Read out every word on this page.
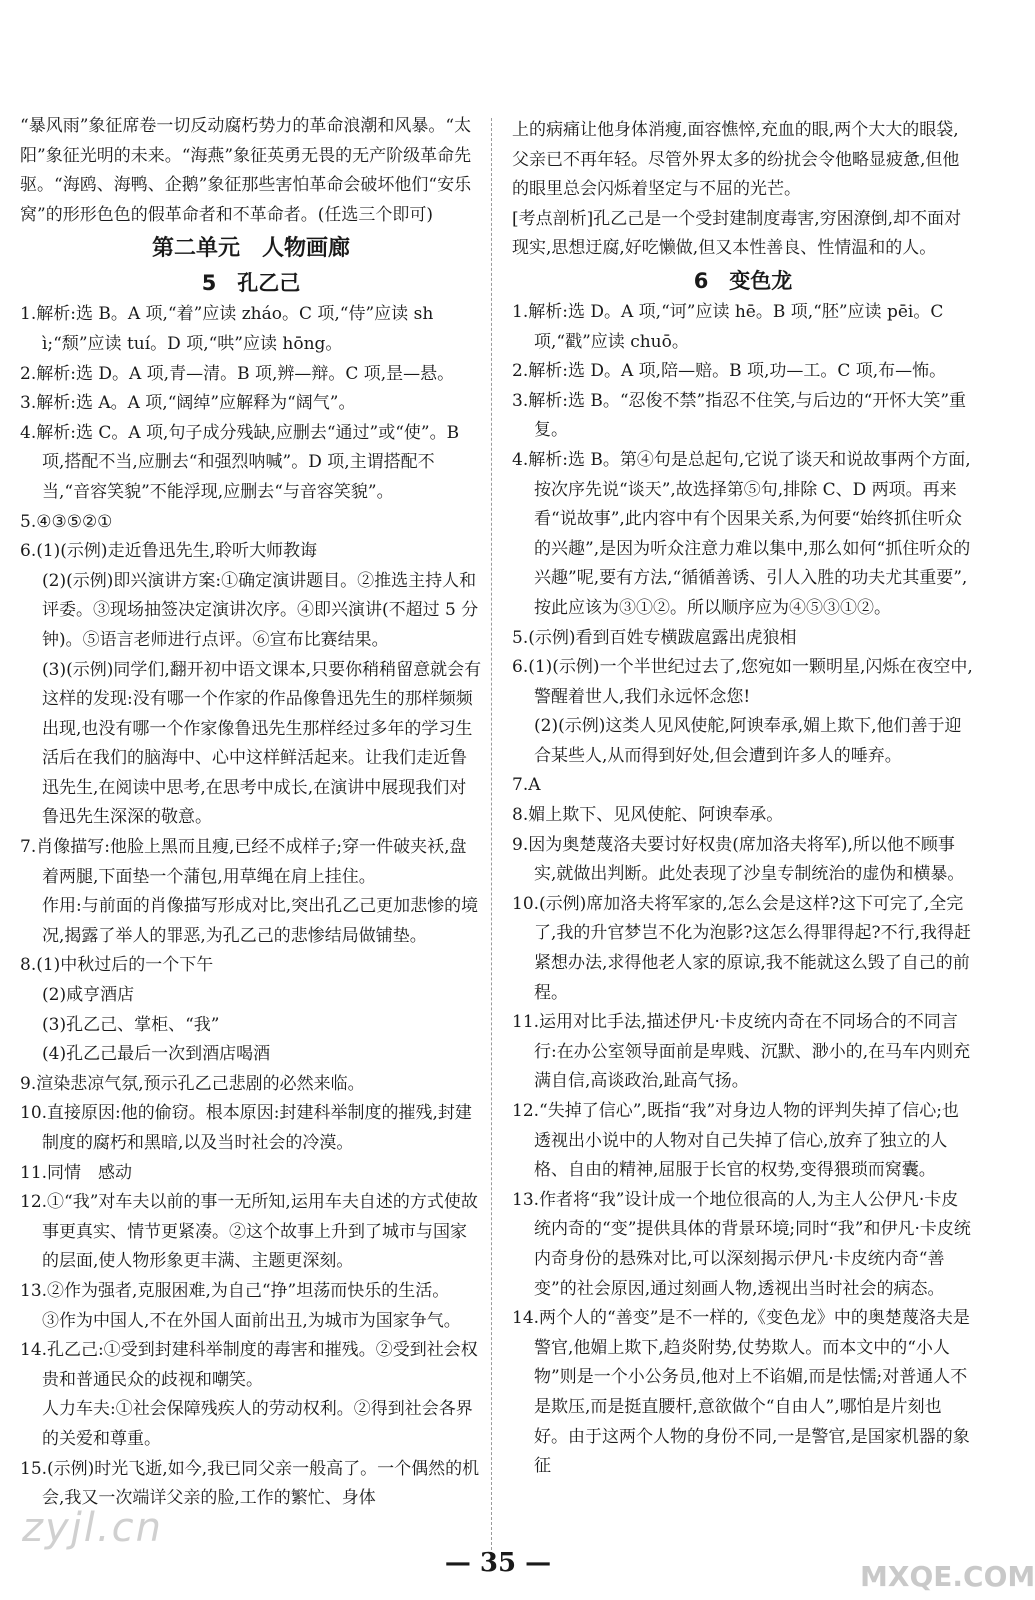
“暴风雨”象征席卷一切反动腐朽势力的革命浪潮和风暴。“太阳”象征光明的未来。“海燕”象征英勇无畏的无产阶级革命先驱。“海鸥、海鸭、企鹅”象征那些害怕革命会破坏他们“安乐窝”的形形色色的假革命者和不革命者。(任选三个即可)

第二单元　人物画廊

5　孔乙己

1.解析:选 B。A 项,“着”应读 zháo。C 项,“侍”应读 shì;“颓”应读 tuí。D 项,“哄”应读 hōng。

2.解析:选 D。A 项,青—清。B 项,辨—辩。C 项,昰—悬。

3.解析:选 A。A 项,“阔绰”应解释为“阔气”。

4.解析:选 C。A 项,句子成分残缺,应删去“通过”或“使”。B 项,搭配不当,应删去“和强烈呐喊”。D 项,主谓搭配不当,“音容笑貌”不能浮现,应删去“与音容笑貌”。

5.④③⑤②①

6.(1)(示例)走近鲁迅先生,聆听大师教诲

(2)(示例)即兴演讲方案:①确定演讲题目。②推选主持人和评委。③现场抽签决定演讲次序。④即兴演讲(不超过 5 分钟)。⑤语言老师进行点评。⑥宣布比赛结果。

(3)(示例)同学们,翻开初中语文课本,只要你稍稍留意就会有这样的发现:没有哪一个作家的作品像鲁迅先生的那样频频出现,也没有哪一个作家像鲁迅先生那样经过多年的学习生活后在我们的脑海中、心中这样鲜活起来。让我们走近鲁迅先生,在阅读中思考,在思考中成长,在演讲中展现我们对鲁迅先生深深的敬意。

7.肖像描写:他脸上黑而且瘦,已经不成样子;穿一件破夹袄,盘着两腿,下面垫一个蒲包,用草绳在肩上挂住。

作用:与前面的肖像描写形成对比,突出孔乙己更加悲惨的境况,揭露了举人的罪恶,为孔乙己的悲惨结局做铺垫。

8.(1)中秋过后的一个下午

(2)咸亨酒店

(3)孔乙己、掌柜、“我”

(4)孔乙己最后一次到酒店喝酒

9.渲染悲凉气氛,预示孔乙己悲剧的必然来临。

10.直接原因:他的偷窃。根本原因:封建科举制度的摧残,封建制度的腐朽和黑暗,以及当时社会的冷漠。

11.同情　感动

12.①“我”对车夫以前的事一无所知,运用车夫自述的方式使故事更真实、情节更紧凑。②这个故事上升到了城市与国家的层面,使人物形象更丰满、主题更深刻。

13.②作为强者,克服困难,为自己“挣”坦荡而快乐的生活。

③作为中国人,不在外国人面前出丑,为城市为国家争气。

14.孔乙己:①受到封建科举制度的毒害和摧残。②受到社会权贵和普通民众的歧视和嘲笑。

人力车夫:①社会保障残疾人的劳动权利。②得到社会各界的关爱和尊重。

15.(示例)时光飞逝,如今,我已同父亲一般高了。一个偶然的机会,我又一次端详父亲的脸,工作的繁忙、身体

上的病痛让他身体消瘦,面容憔悴,充血的眼,两个大大的眼袋,父亲已不再年轻。尽管外界太多的纷扰会令他略显疲惫,但他的眼里总会闪烁着坚定与不屈的光芒。

[考点剖析]孔乙己是一个受封建制度毒害,穷困潦倒,却不面对现实,思想迂腐,好吃懒做,但又本性善良、性情温和的人。

6　变色龙

1.解析:选 D。A 项,“诃”应读 hē。B 项,“胚”应读 pēi。C 项,“戳”应读 chuō。

2.解析:选 D。A 项,陪—赔。B 项,功—工。C 项,布—怖。

3.解析:选 B。“忍俊不禁”指忍不住笑,与后边的“开怀大笑”重复。

4.解析:选 B。第④句是总起句,它说了谈天和说故事两个方面,按次序先说“谈天”,故选择第⑤句,排除 C、D 两项。再来看“说故事”,此内容中有个因果关系,为何要“始终抓住听众的兴趣”,是因为听众注意力难以集中,那么如何“抓住听众的兴趣”呢,要有方法,“循循善诱、引人入胜的功夫尤其重要”,按此应该为③①②。所以顺序应为④⑤③①②。

5.(示例)看到百姓专横跋扈露出虎狼相

6.(1)(示例)一个半世纪过去了,您宛如一颗明星,闪烁在夜空中,警醒着世人,我们永远怀念您!

(2)(示例)这类人见风使舵,阿谀奉承,媚上欺下,他们善于迎合某些人,从而得到好处,但会遭到许多人的唾弃。

7.A

8.媚上欺下、见风使舵、阿谀奉承。

9.因为奥楚蔑洛夫要讨好权贵(席加洛夫将军),所以他不顾事实,就做出判断。此处表现了沙皇专制统治的虚伪和横暴。

10.(示例)席加洛夫将军家的,怎么会是这样?这下可完了,全完了,我的升官梦岂不化为泡影?这怎么得罪得起?不行,我得赶紧想办法,求得他老人家的原谅,我不能就这么毁了自己的前程。

11.运用对比手法,描述伊凡·卡皮统内奇在不同场合的不同言行:在办公室领导面前是卑贱、沉默、渺小的,在马车内则充满自信,高谈政治,趾高气扬。

12.“失掉了信心”,既指“我”对身边人物的评判失掉了信心;也透视出小说中的人物对自己失掉了信心,放弃了独立的人格、自由的精神,屈服于长官的权势,变得猥琐而窝囊。

13.作者将“我”设计成一个地位很高的人,为主人公伊凡·卡皮统内奇的“变”提供具体的背景环境;同时“我”和伊凡·卡皮统内奇身份的悬殊对比,可以深刻揭示伊凡·卡皮统内奇“善变”的社会原因,通过刻画人物,透视出当时社会的病态。

14.两个人的“善变”是不一样的,《变色龙》中的奥楚蔑洛夫是警官,他媚上欺下,趋炎附势,仗势欺人。而本文中的“小人物”则是一个小公务员,他对上不谄媚,而是怯懦;对普通人不是欺压,而是挺直腰杆,意欲做个“自由人”,哪怕是片刻也好。由于这两个人物的身份不同,一是警官,是国家机器的象征

zyjl.cn
— 35 —	MXQE.COM
